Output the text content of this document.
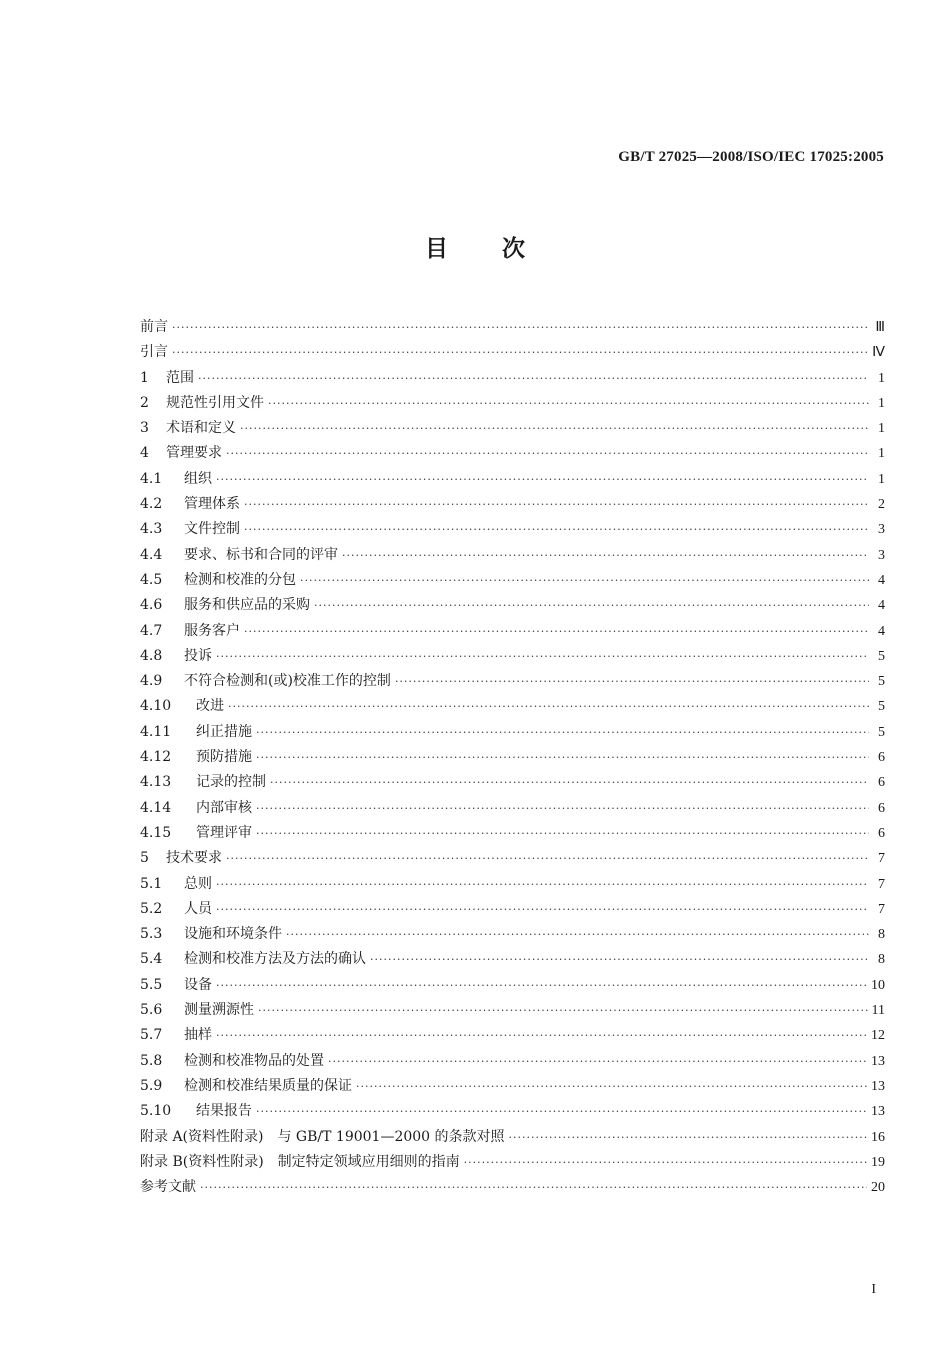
GB/T 27025—2008/ISO/IEC 17025:2005
目次
前言 ·····	Ⅲ
引言 ·····	Ⅳ
1	范围 ·····	1
2	规范性引用文件 ·····	1
3	术语和定义 ·····	1
4	管理要求 ·····	1
4.1	组织 ·····	1
4.2	管理体系 ·····	2
4.3	文件控制 ·····	3
4.4	要求、标书和合同的评审 ·····	3
4.5	检测和校准的分包 ·····	4
4.6	服务和供应品的采购 ·····	4
4.7	服务客户 ·····	4
4.8	投诉 ·····	5
4.9	不符合检测和(或)校准工作的控制 ·····	5
4.10	改进 ·····	5
4.11	纠正措施 ·····	5
4.12	预防措施 ·····	6
4.13	记录的控制 ·····	6
4.14	内部审核 ·····	6
4.15	管理评审 ·····	6
5	技术要求 ·····	7
5.1	总则 ·····	7
5.2	人员 ·····	7
5.3	设施和环境条件 ·····	8
5.4	检测和校准方法及方法的确认 ·····	8
5.5	设备 ·····	10
5.6	测量溯源性 ·····	11
5.7	抽样 ·····	12
5.8	检测和校准物品的处置 ·····	13
5.9	检测和校准结果质量的保证 ·····	13
5.10	结果报告 ·····	13
附录 A(资料性附录)　与 GB/T 19001—2000 的条款对照 ·····	16
附录 B(资料性附录)　制定特定领域应用细则的指南 ·····	19
参考文献 ·····	20
I
